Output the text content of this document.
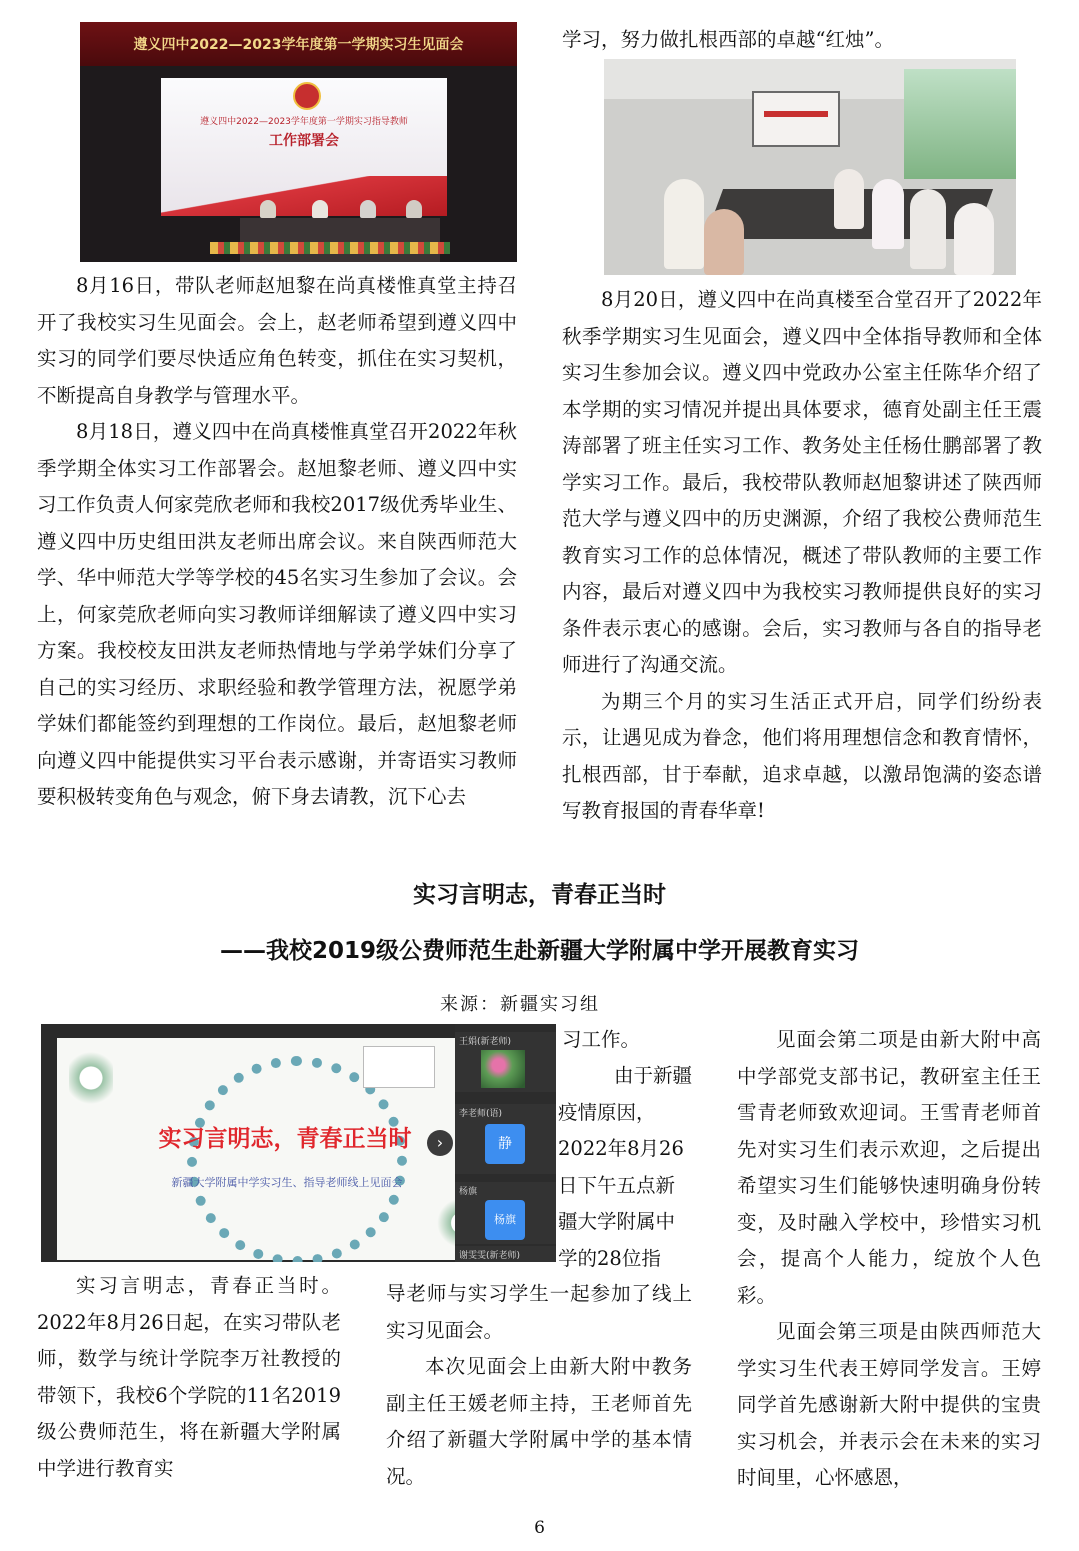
遵义四中2022—2023学年度第一学期实习生见面会
遵义四中2022—2023学年度第一学期实习指导教师
工作部署会

8月16日，带队老师赵旭黎在尚真楼惟真堂主持召开了我校实习生见面会。会上，赵老师希望到遵义四中实习的同学们要尽快适应角色转变，抓住在实习契机，不断提高自身教学与管理水平。

8月18日，遵义四中在尚真楼惟真堂召开2022年秋季学期全体实习工作部署会。赵旭黎老师、遵义四中实习工作负责人何家莞欣老师和我校2017级优秀毕业生、遵义四中历史组田洪友老师出席会议。来自陕西师范大学、华中师范大学等学校的45名实习生参加了会议。会上，何家莞欣老师向实习教师详细解读了遵义四中实习方案。我校校友田洪友老师热情地与学弟学妹们分享了自己的实习经历、求职经验和教学管理方法，祝愿学弟学妹们都能签约到理想的工作岗位。最后，赵旭黎老师向遵义四中能提供实习平台表示感谢，并寄语实习教师要积极转变角色与观念，俯下身去请教，沉下心去

学习，努力做扎根西部的卓越“红烛”。

8月20日，遵义四中在尚真楼至合堂召开了2022年秋季学期实习生见面会，遵义四中全体指导教师和全体实习生参加会议。遵义四中党政办公室主任陈华介绍了本学期的实习情况并提出具体要求，德育处副主任王震涛部署了班主任实习工作、教务处主任杨仕鹏部署了教学实习工作。最后，我校带队教师赵旭黎讲述了陕西师范大学与遵义四中的历史渊源，介绍了我校公费师范生教育实习工作的总体情况，概述了带队教师的主要工作内容，最后对遵义四中为我校实习教师提供良好的实习条件表示衷心的感谢。会后，实习教师与各自的指导老师进行了沟通交流。

为期三个月的实习生活正式开启，同学们纷纷表示，让遇见成为眷念，他们将用理想信念和教育情怀，扎根西部，甘于奉献，追求卓越，以激昂饱满的姿态谱写教育报国的青春华章!

实习言明志，青春正当时
——我校2019级公费师范生赴新疆大学附属中学开展教育实习
来源：新疆实习组
实习言明志，青春正当时
新疆大学附属中学实习生、指导老师线上见面会
›
王娟(新老师)
李老师(语)
静
杨旗
杨旗
谢雯雯(新老师)

实习言明志，青春正当时。2022年8月26日起，在实习带队老师，数学与统计学院李万社教授的带领下，我校6个学院的11名2019级公费师范生，将在新疆大学附属中学进行教育实

习工作。

由于新疆

疫情原因，

2022年8月26

日下午五点新

疆大学附属中

学的28位指

导老师与实习学生一起参加了线上实习见面会。

本次见面会上由新大附中教务副主任王媛老师主持，王老师首先介绍了新疆大学附属中学的基本情况。

见面会第二项是由新大附中高中学部党支部书记，教研室主任王雪青老师致欢迎词。王雪青老师首先对实习生们表示欢迎，之后提出希望实习生们能够快速明确身份转变，及时融入学校中，珍惜实习机会，提高个人能力，绽放个人色彩。

见面会第三项是由陕西师范大学实习生代表王婷同学发言。王婷同学首先感谢新大附中提供的宝贵实习机会，并表示会在未来的实习时间里，心怀感恩，

6
